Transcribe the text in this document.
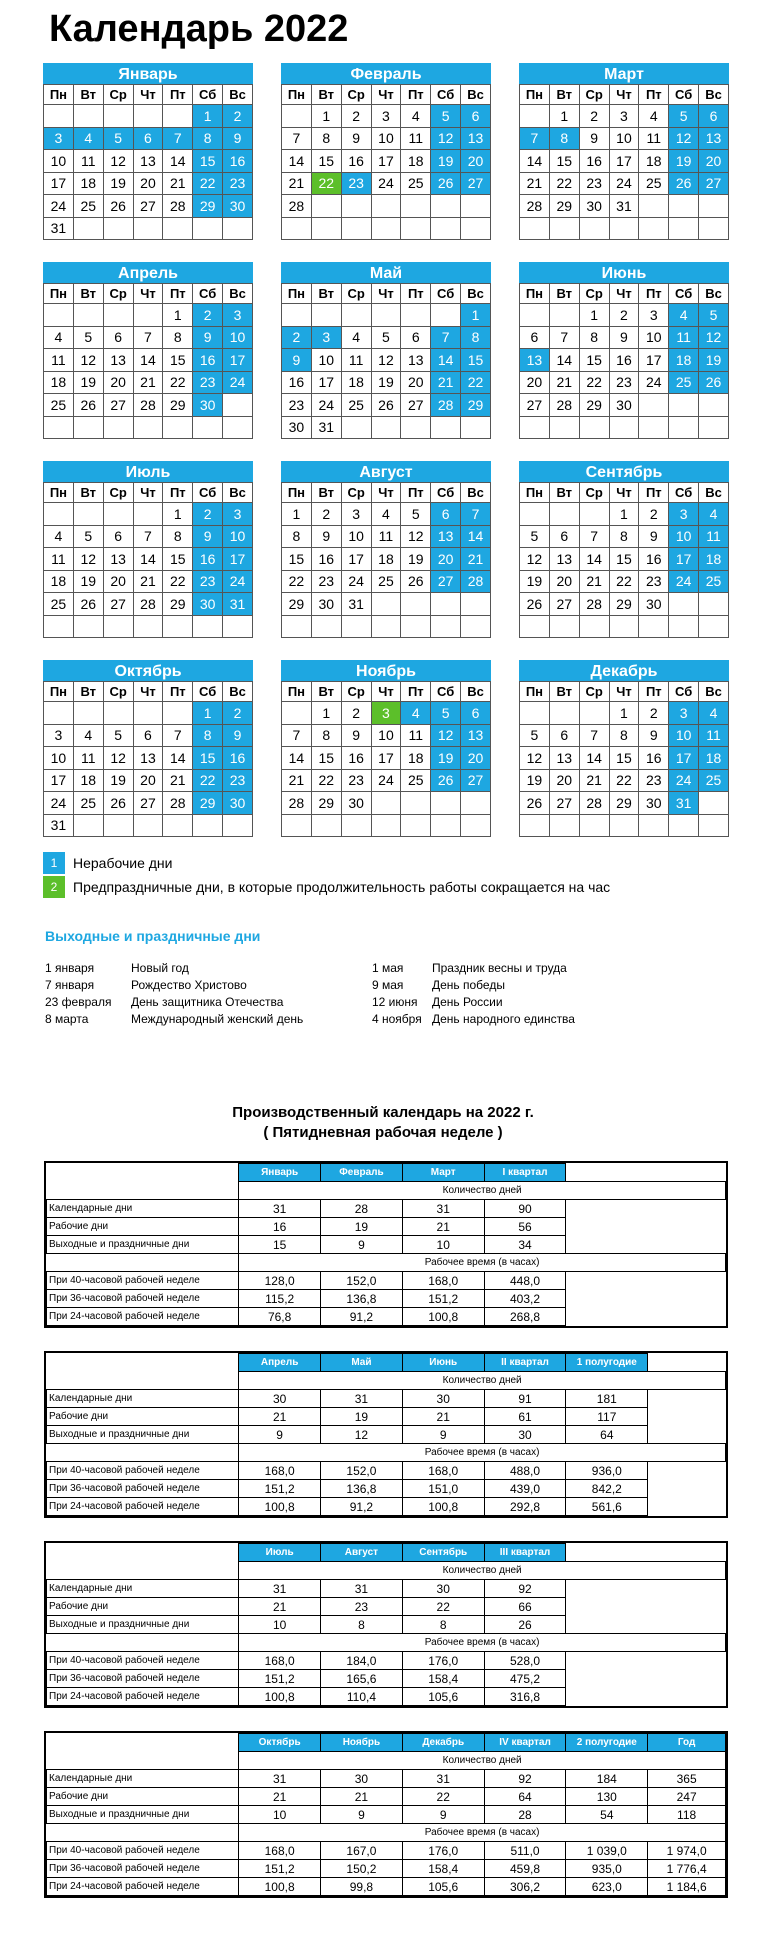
Календарь 2022
Январь
Пн	Вт	Ср	Чт	Пт	Сб	Вс
					1	2
3	4	5	6	7	8	9
10	11	12	13	14	15	16
17	18	19	20	21	22	23
24	25	26	27	28	29	30
31						
Февраль
Пн	Вт	Ср	Чт	Пт	Сб	Вс
	1	2	3	4	5	6
7	8	9	10	11	12	13
14	15	16	17	18	19	20
21	22	23	24	25	26	27
28						

Март
Пн	Вт	Ср	Чт	Пт	Сб	Вс
	1	2	3	4	5	6
7	8	9	10	11	12	13
14	15	16	17	18	19	20
21	22	23	24	25	26	27
28	29	30	31			

Апрель
Пн	Вт	Ср	Чт	Пт	Сб	Вс
				1	2	3
4	5	6	7	8	9	10
11	12	13	14	15	16	17
18	19	20	21	22	23	24
25	26	27	28	29	30	

Май
Пн	Вт	Ср	Чт	Пт	Сб	Вс
						1
2	3	4	5	6	7	8
9	10	11	12	13	14	15
16	17	18	19	20	21	22
23	24	25	26	27	28	29
30	31					
Июнь
Пн	Вт	Ср	Чт	Пт	Сб	Вс
		1	2	3	4	5
6	7	8	9	10	11	12
13	14	15	16	17	18	19
20	21	22	23	24	25	26
27	28	29	30			

Июль
Пн	Вт	Ср	Чт	Пт	Сб	Вс
				1	2	3
4	5	6	7	8	9	10
11	12	13	14	15	16	17
18	19	20	21	22	23	24
25	26	27	28	29	30	31

Август
Пн	Вт	Ср	Чт	Пт	Сб	Вс
1	2	3	4	5	6	7
8	9	10	11	12	13	14
15	16	17	18	19	20	21
22	23	24	25	26	27	28
29	30	31				

Сентябрь
Пн	Вт	Ср	Чт	Пт	Сб	Вс
			1	2	3	4
5	6	7	8	9	10	11
12	13	14	15	16	17	18
19	20	21	22	23	24	25
26	27	28	29	30		

Октябрь
Пн	Вт	Ср	Чт	Пт	Сб	Вс
					1	2
3	4	5	6	7	8	9
10	11	12	13	14	15	16
17	18	19	20	21	22	23
24	25	26	27	28	29	30
31						
Ноябрь
Пн	Вт	Ср	Чт	Пт	Сб	Вс
	1	2	3	4	5	6
7	8	9	10	11	12	13
14	15	16	17	18	19	20
21	22	23	24	25	26	27
28	29	30				

Декабрь
Пн	Вт	Ср	Чт	Пт	Сб	Вс
			1	2	3	4
5	6	7	8	9	10	11
12	13	14	15	16	17	18
19	20	21	22	23	24	25
26	27	28	29	30	31	

1 Нерабочие дни
2 Предпраздничные дни, в которые продолжительность работы сокращается на час
Выходные и праздничные дни
1 января	Новый год
7 января	Рождество Христово
23 февраля День защитника Отечества
8 марта	Международный женский день
1 мая Праздник весны и труда
9 мая День победы
12 июня День России
4 ноября День народного единства
Производственный календарь на 2022 г.
( Пятидневная рабочая неделе )
	Январь	Февраль	Март	I квартал		
	Количество дней					
Календарные дни	31	28	31	90		
Рабочие дни	16	19	21	56		
Выходные и праздничные дни	15	9	10	34		
	Рабочее время (в часах)					
При 40-часовой рабочей неделе	128,0	152,0	168,0	448,0		
При 36-часовой рабочей неделе	115,2	136,8	151,2	403,2		
При 24-часовой рабочей неделе	76,8	91,2	100,8	268,8		
	Апрель	Май	Июнь	II квартал	1 полугодие	
	Количество дней					
Календарные дни	30	31	30	91	181	
Рабочие дни	21	19	21	61	117	
Выходные и праздничные дни	9	12	9	30	64	
	Рабочее время (в часах)					
При 40-часовой рабочей неделе	168,0	152,0	168,0	488,0	936,0	
При 36-часовой рабочей неделе	151,2	136,8	151,0	439,0	842,2	
При 24-часовой рабочей неделе	100,8	91,2	100,8	292,8	561,6	
	Июль	Август	Сентябрь	III квартал		
	Количество дней					
Календарные дни	31	31	30	92		
Рабочие дни	21	23	22	66		
Выходные и праздничные дни	10	8	8	26		
	Рабочее время (в часах)					
При 40-часовой рабочей неделе	168,0	184,0	176,0	528,0		
При 36-часовой рабочей неделе	151,2	165,6	158,4	475,2		
При 24-часовой рабочей неделе	100,8	110,4	105,6	316,8		
	Октябрь	Ноябрь	Декабрь	IV квартал	2 полугодие	Год
	Количество дней					
Календарные дни	31	30	31	92	184	365
Рабочие дни	21	21	22	64	130	247
Выходные и праздничные дни	10	9	9	28	54	118
	Рабочее время (в часах)					
При 40-часовой рабочей неделе	168,0	167,0	176,0	511,0	1 039,0	1 974,0
При 36-часовой рабочей неделе	151,2	150,2	158,4	459,8	935,0	1 776,4
При 24-часовой рабочей неделе	100,8	99,8	105,6	306,2	623,0	1 184,6
